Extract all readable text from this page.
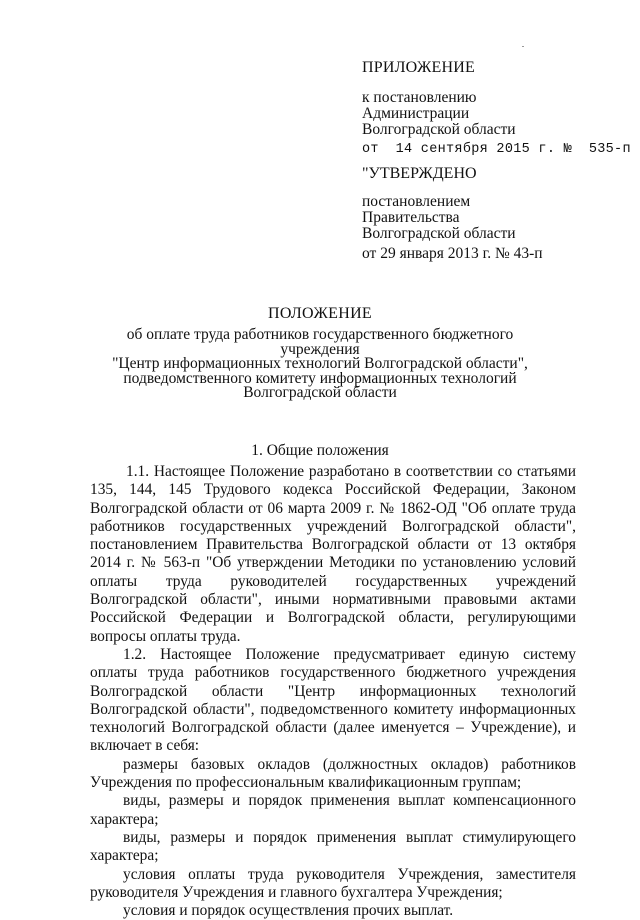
ПРИЛОЖЕНИЕ
к постановлению
Администрации
Волгоградской области
от  14 сентября 2015 г. №  535-п
"УТВЕРЖДЕНО
постановлением
Правительства
Волгоградской области
от 29 января 2013 г. № 43-п
ПОЛОЖЕНИЕ
об оплате труда работников государственного бюджетного учреждения
"Центр информационных технологий Волгоградской области",
подведомственного комитету информационных технологий
Волгоградской области
1. Общие положения

1.1. Настоящее Положение разработано в соответствии со статьями 135, 144, 145 Трудового кодекса Российской Федерации, Законом Волгоградской области от 06 марта 2009 г. № 1862-ОД "Об оплате труда работников государственных учреждений Волгоградской области", постановлением Правительства Волгоградской области от 13 октября 2014 г. № 563-п "Об утверждении Методики по установлению условий оплаты труда руководителей государственных учреждений Волгоградской области", иными нормативными правовыми актами Российской Федерации и Волгоградской области, регулирующими вопросы оплаты труда.

1.2. Настоящее Положение предусматривает единую систему оплаты труда работников государственного бюджетного учреждения Волгоградской области "Центр информационных технологий Волгоградской области", подведомственного комитету информационных технологий Волгоградской области (далее именуется – Учреждение), и включает в себя:

размеры базовых окладов (должностных окладов) работников Учреждения по профессиональным квалификационным группам;

виды, размеры и порядок применения выплат компенсационного характера;

виды, размеры и порядок применения выплат стимулирующего характера;

условия оплаты труда руководителя Учреждения, заместителя руководителя Учреждения и главного бухгалтера Учреждения;

условия и порядок осуществления прочих выплат.
